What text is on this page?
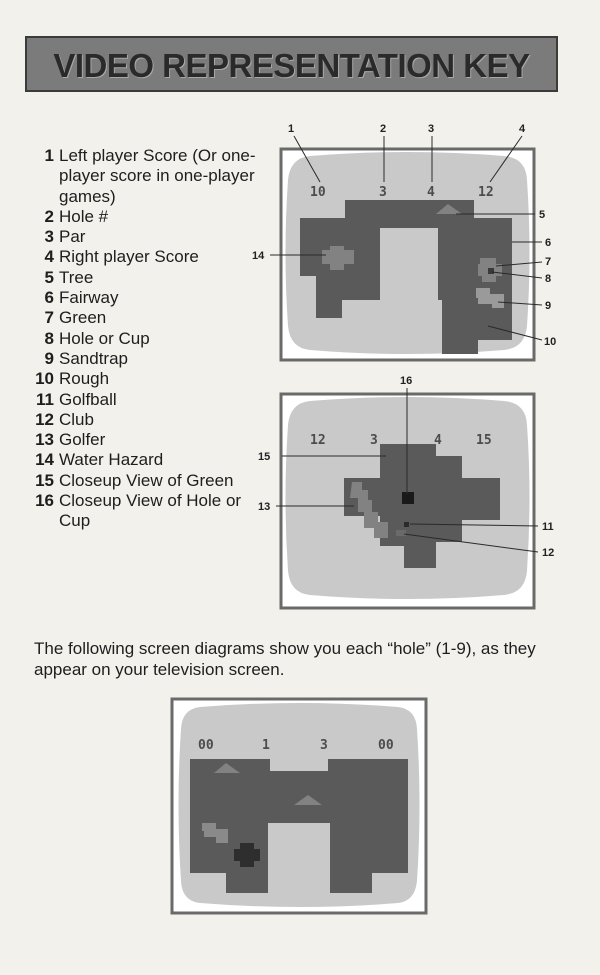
VIDEO REPRESENTATION KEY
1 Left player Score (Or one-player score in one-player games)
2 Hole #
3 Par
4 Right player Score
5 Tree
6 Fairway
7 Green
8 Hole or Cup
9 Sandtrap
10 Rough
11 Golfball
12 Club
13 Golfer
14 Water Hazard
15 Closeup View of Green
16 Closeup View of Hole or Cup
10	3	4	12
1	2	3	4
5
6
7
8
9
10
14
12	3	4	15
16
15
13
11
12

The following screen diagrams show you each “hole” (1-9), as they appear on your television screen.

00	1	3	00
